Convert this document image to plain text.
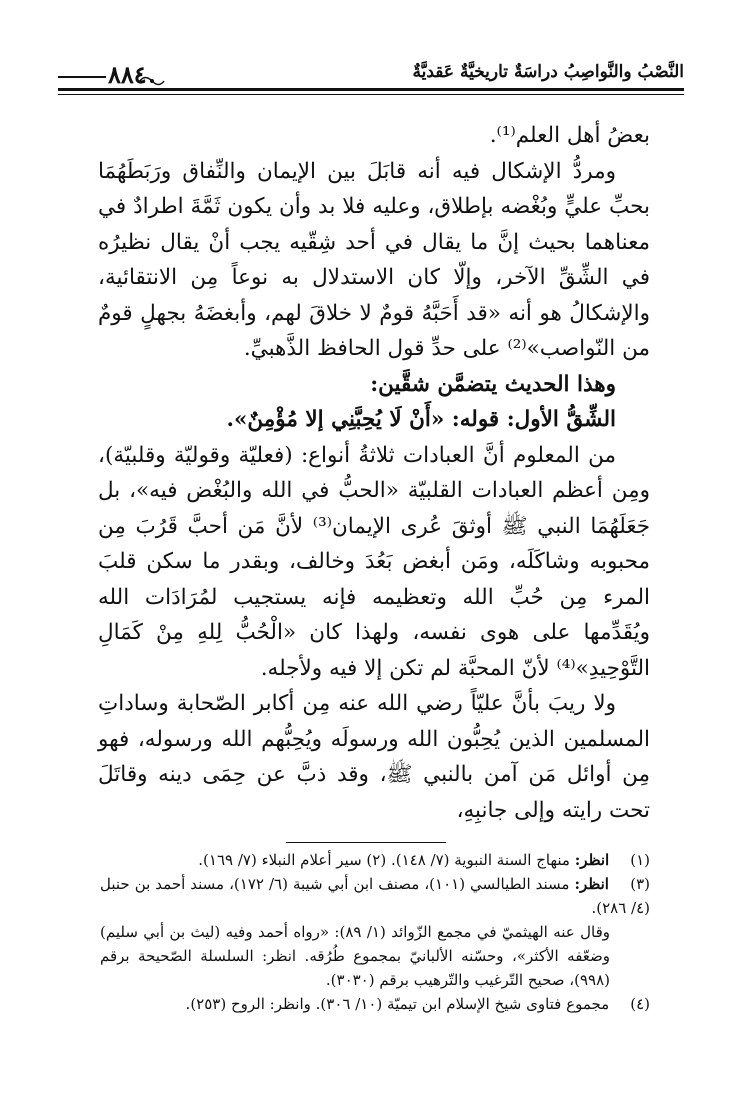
النَّصْبُ والنَّواصِبُ دراسَةٌ تاريخيَّةٌ عَقديَّةٌ
٨٨٤

بعضُ أهل العلم⁽¹⁾.

ومردُّ الإشكال فيه أنه قابَلَ بين الإيمان والنِّفاق ورَبَطَهُمَا بحبِّ عليٍّ وبُغْضه بإطلاق، وعليه فلا بد وأن يكون ثَمَّةَ اطرادٌ في معناهما بحيث إنَّ ما يقال في أحد شِقّيه يجب أنْ يقال نظيرُه في الشِّقِّ الآخر، وإلّا كان الاستدلال به نوعاً مِن الانتقائية، والإشكالُ هو أنه «قد أَحَبَّهُ قومٌ لا خلاقَ لهم، وأبغضَهُ بجهلٍ قومٌ من النّواصب»⁽²⁾ على حدِّ قول الحافظ الذَّهبيِّ.

وهذا الحديث يتضمَّن شقَّين:

الشِّقُّ الأول: قوله: «أَنْ لَا يُحِبَّنِي إلا مُؤْمِنٌ».

من المعلوم أنَّ العبادات ثلاثةُ أنواع: (فعليّة وقوليّة وقلبيّة)، ومِن أعظم العبادات القلبيّة «الحبُّ في الله والبُغْض فيه»، بل جَعَلَهُمَا النبي ﷺ أوثقَ عُرى الإيمان⁽³⁾ لأنَّ مَن أحبَّ قَرُبَ مِن محبوبه وشاكَلَه، ومَن أبغض بَعُدَ وخالف، وبقدر ما سكن قلبَ المرء مِن حُبِّ الله وتعظيمه فإنه يستجيب لمُرَادَات الله ويُقَدِّمها على هوى نفسه، ولهذا كان «الْحُبُّ لِلهِ مِنْ كَمَالِ التَّوْحِيدِ»⁽⁴⁾ لأنّ المحبَّة لم تكن إلا فيه ولأجله.

ولا ريبَ بأنَّ عليّاً رضي الله عنه مِن أكابر الصّحابة وساداتِ المسلمين الذين يُحِبُّون الله ورسولَه ويُحِبُّهم الله ورسوله، فهو مِن أوائل مَن آمن بالنبي ﷺ، وقد ذبَّ عن حِمَى دينه وقاتَلَ تحت رايته وإلى جانبِهِ،

(١) انظر: منهاج السنة النبوية (٧/ ١٤٨). (٢) سير أعلام النبلاء (٧/ ١٦٩).

(٣) انظر: مسند الطيالسي (١٠١)، مصنف ابن أبي شيبة (٦/ ١٧٢)، مسند أحمد بن حنبل (٤/ ٢٨٦).

وقال عنه الهيثميّ في مجمع الزّوائد (١/ ٨٩): «رواه أحمد وفيه (ليث بن أبي سليم) وضعّفه الأكثر»، وحسّنه الألبانيّ بمجموع طُرُقه. انظر: السلسلة الصّحيحة برقم (٩٩٨)، صحيح التّرغيب والتّرهيب برقم (٣٠٣٠).

(٤) مجموع فتاوى شيخ الإسلام ابن تيميّة (١٠/ ٣٠٦). وانظر: الروح (٢٥٣).
